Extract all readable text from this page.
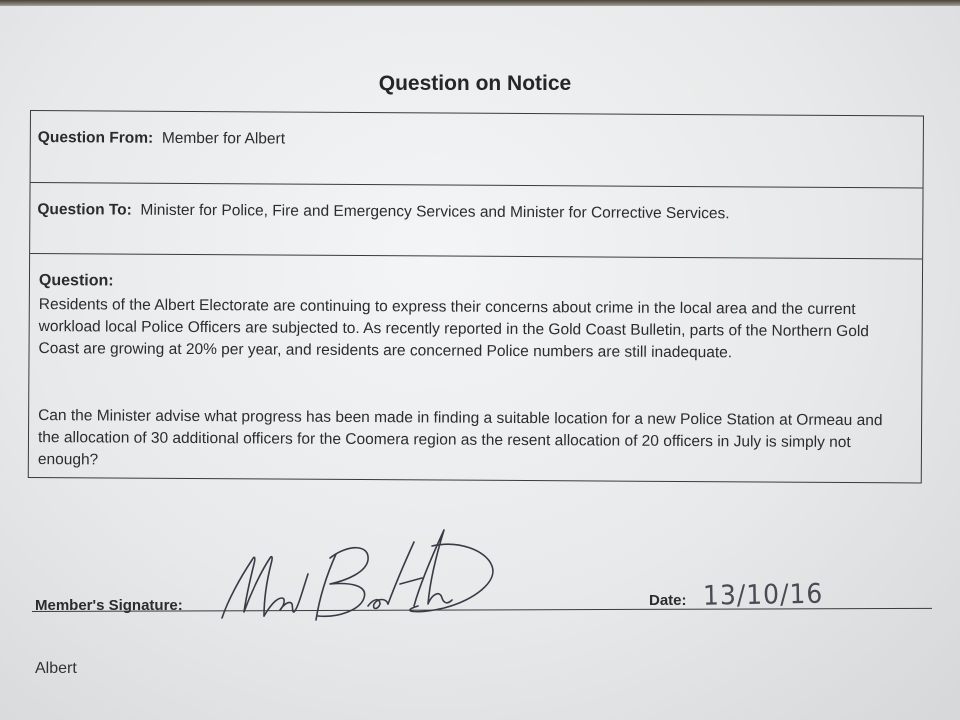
Question on Notice
Question From: Member for Albert
Question To: Minister for Police, Fire and Emergency Services and Minister for Corrective Services.
Question:

Residents of the Albert Electorate are continuing to express their concerns about crime in the local area and the current workload local Police Officers are subjected to. As recently reported in the Gold Coast Bulletin, parts of the Northern Gold Coast are growing at 20% per year, and residents are concerned Police numbers are still inadequate.

Can the Minister advise what progress has been made in finding a suitable location for a new Police Station at Ormeau and the allocation of 30 additional officers for the Coomera region as the resent allocation of 20 officers in July is simply not enough?

Member's Signature:	Date: 13/10/16
Albert
